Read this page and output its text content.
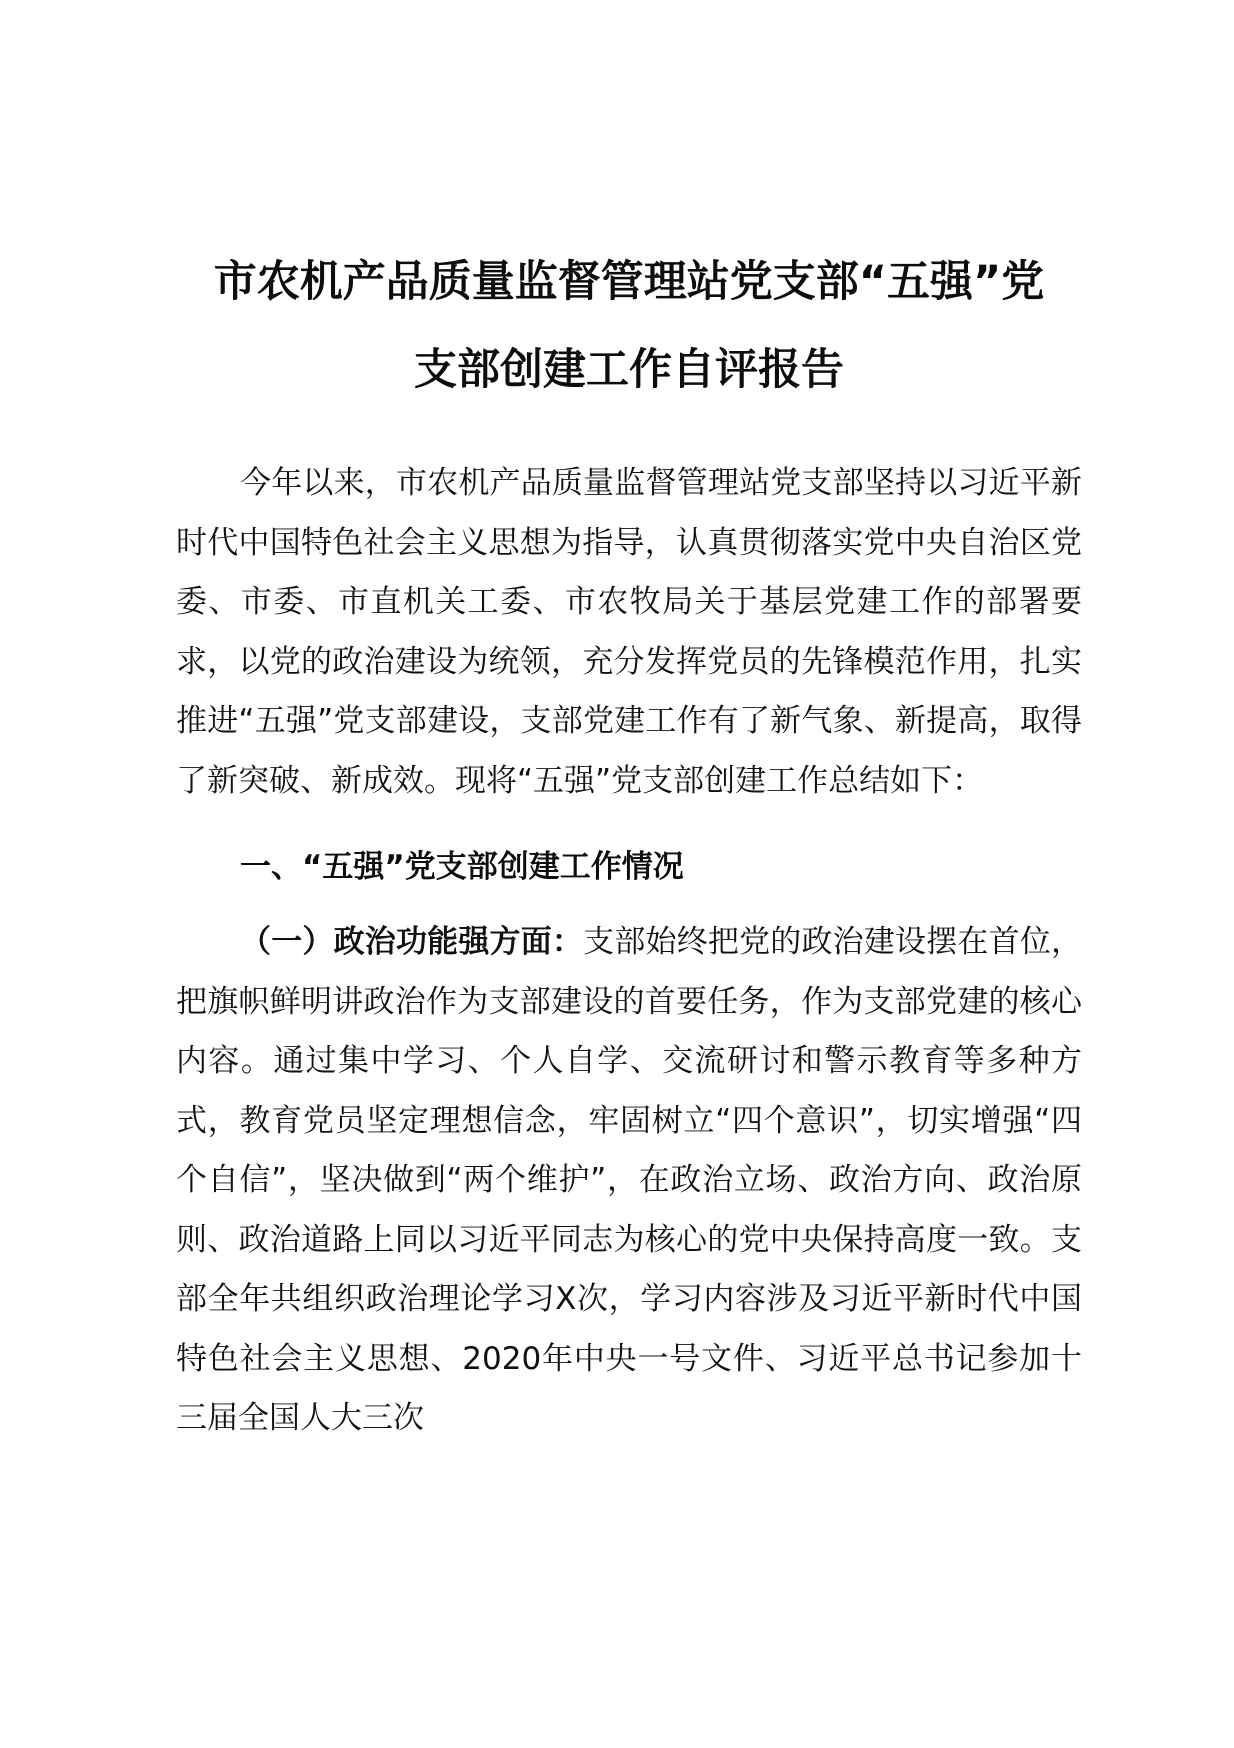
市农机产品质量监督管理站党支部“五强”党
支部创建工作自评报告

今年以来，市农机产品质量监督管理站党支部坚持以习近平新时代中国特色社会主义思想为指导，认真贯彻落实党中央自治区党委、市委、市直机关工委、市农牧局关于基层党建工作的部署要求，以党的政治建设为统领，充分发挥党员的先锋模范作用，扎实推进“五强”党支部建设，支部党建工作有了新气象、新提高，取得了新突破、新成效。现将“五强”党支部创建工作总结如下：

一、“五强”党支部创建工作情况

（一）政治功能强方面：支部始终把党的政治建设摆在首位，把旗帜鲜明讲政治作为支部建设的首要任务，作为支部党建的核心内容。通过集中学习、个人自学、交流研讨和警示教育等多种方式，教育党员坚定理想信念，牢固树立“四个意识”，切实增强“四个自信”，坚决做到“两个维护”，在政治立场、政治方向、政治原则、政治道路上同以习近平同志为核心的党中央保持高度一致。支部全年共组织政治理论学习X次，学习内容涉及习近平新时代中国特色社会主义思想、2020年中央一号文件、习近平总书记参加十三届全国人大三次
